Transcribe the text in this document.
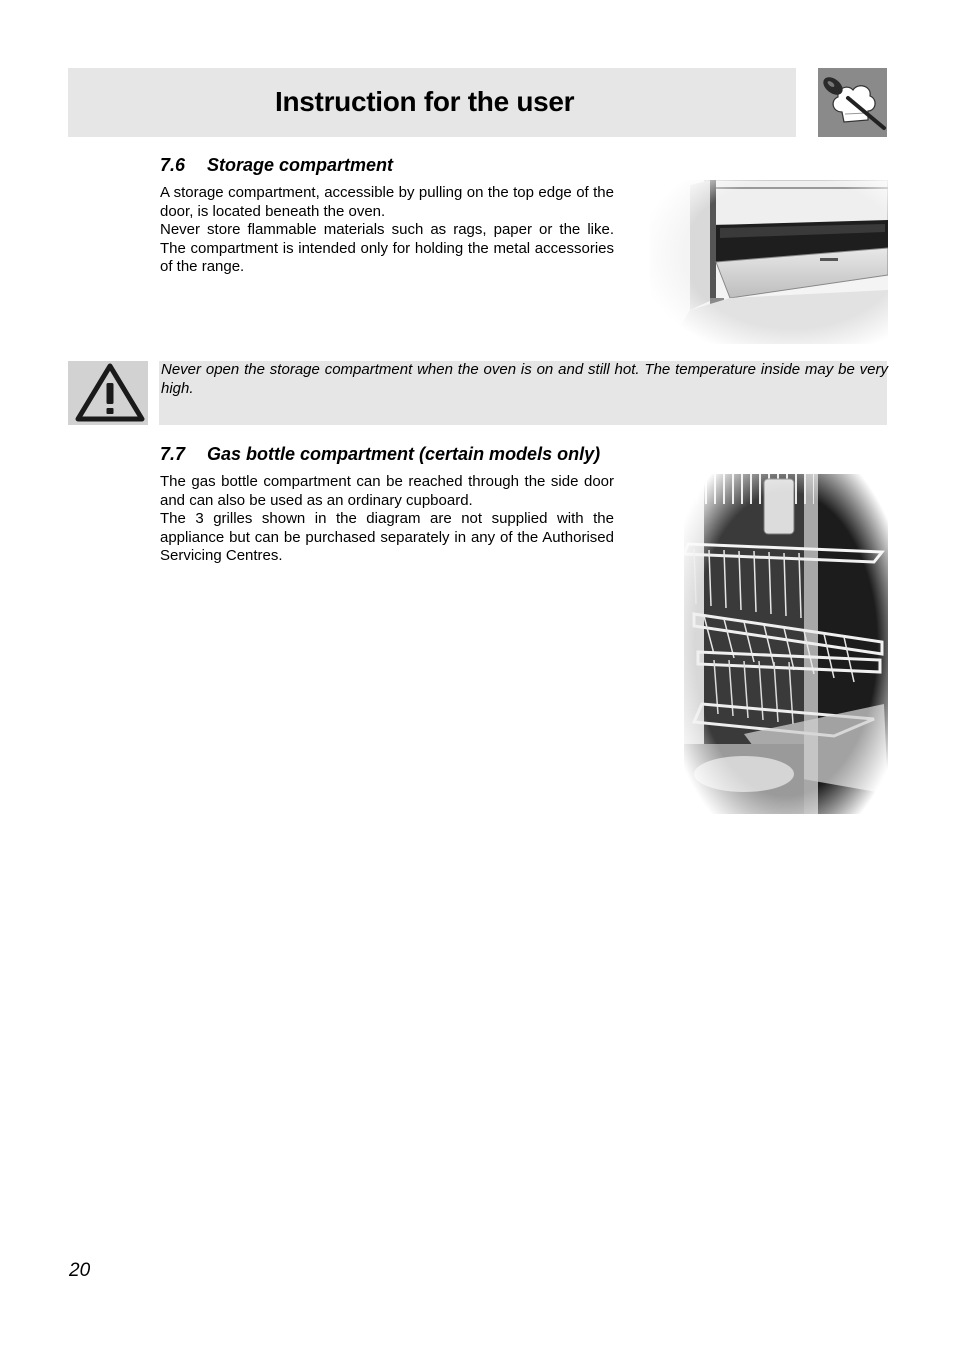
Instruction for the user
7.6 Storage compartment

A storage compartment, accessible by pulling on the top edge of the door, is located beneath the oven.

Never store flammable materials such as rags, paper or the like. The compartment is intended only for holding the metal accessories of the range.

Never open the storage compartment when the oven is on and still hot. The temperature inside may be very high.
7.7 Gas bottle compartment (certain models only)

The gas bottle compartment can be reached through the side door and can also be used as an ordinary cupboard.

The 3 grilles shown in the diagram are not supplied with the appliance but can be purchased separately in any of the Authorised Servicing Centres.

20
